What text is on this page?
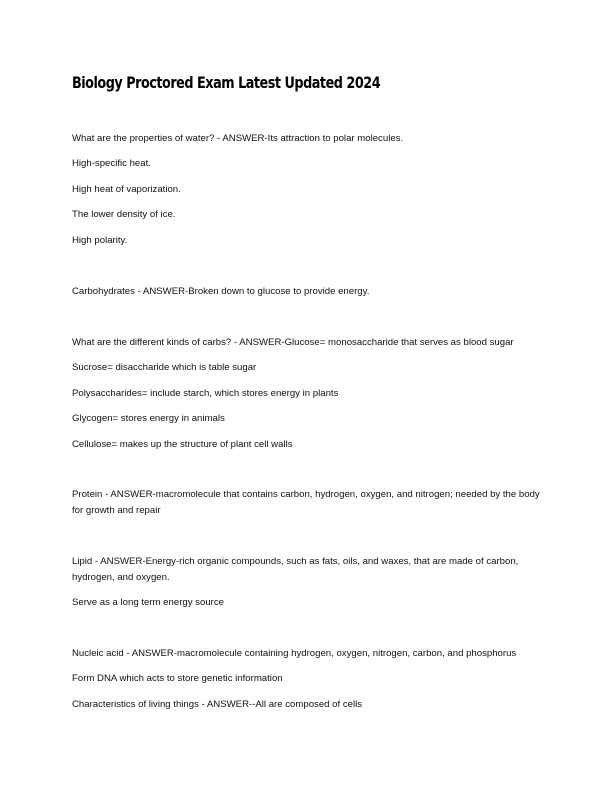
Biology Proctored Exam Latest Updated 2024

What are the properties of water? - ANSWER-Its attraction to polar molecules.

High-specific heat.

High heat of vaporization.

The lower density of ice.

High polarity.

Carbohydrates - ANSWER-Broken down to glucose to provide energy.

What are the different kinds of carbs? - ANSWER-Glucose= monosaccharide that serves as blood sugar

Sucrose= disaccharide which is table sugar

Polysaccharides= include starch, which stores energy in plants

Glycogen= stores energy in animals

Cellulose= makes up the structure of plant cell walls

Protein - ANSWER-macromolecule that contains carbon, hydrogen, oxygen, and nitrogen; needed by the body for growth and repair

Lipid - ANSWER-Energy-rich organic compounds, such as fats, oils, and waxes, that are made of carbon, hydrogen, and oxygen.

Serve as a long term energy source

Nucleic acid - ANSWER-macromolecule containing hydrogen, oxygen, nitrogen, carbon, and phosphorus

Form DNA which acts to store genetic information

Characteristics of living things - ANSWER--All are composed of cells
